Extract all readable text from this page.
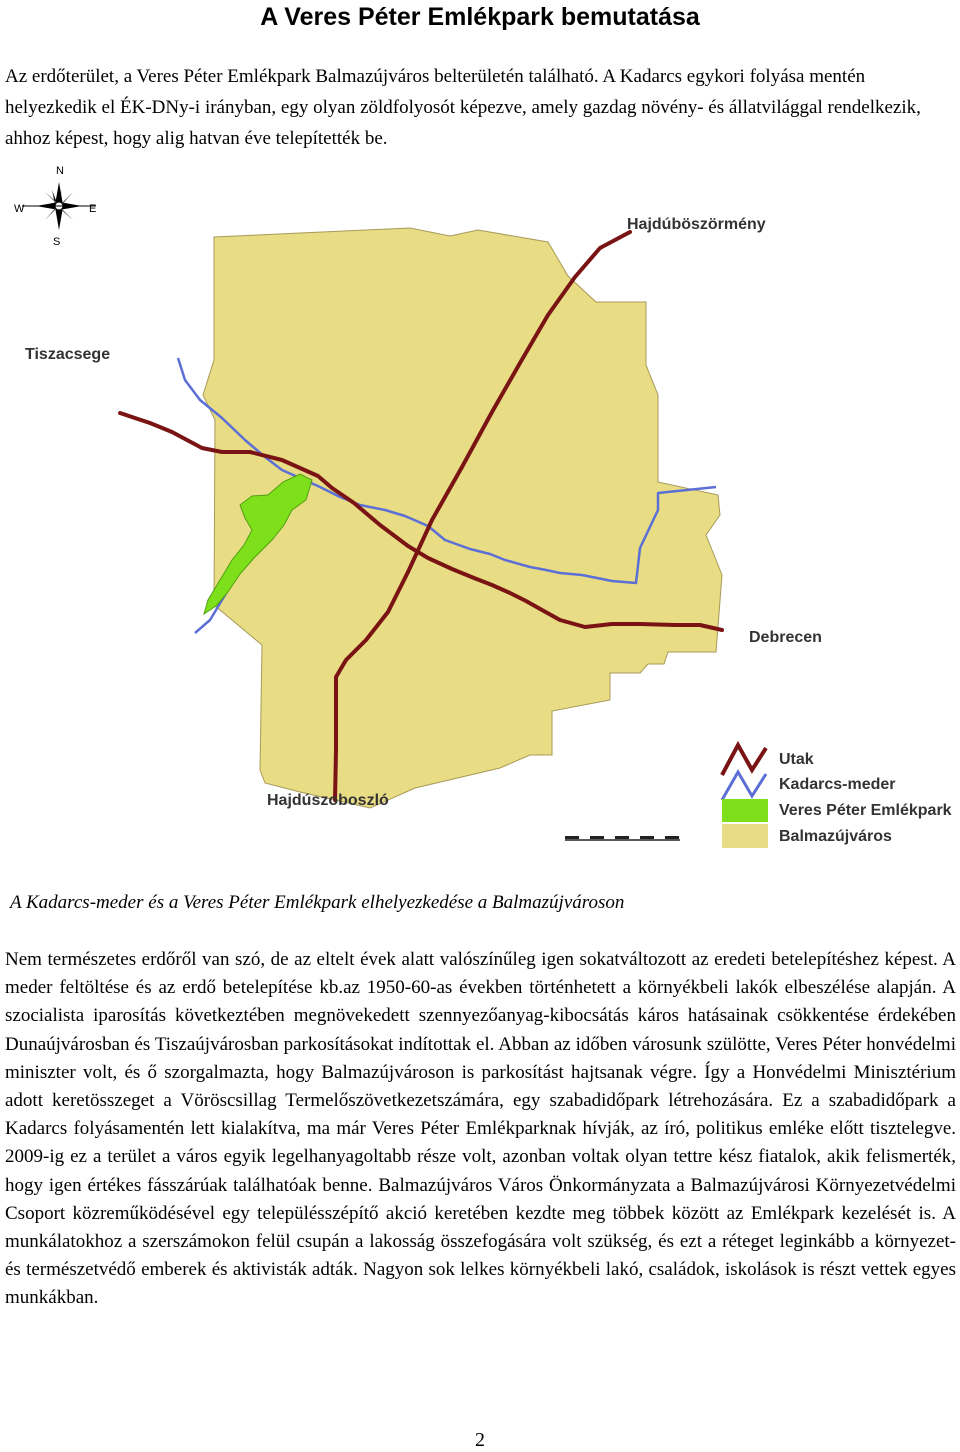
A Veres Péter Emlékpark bemutatása

Az erdőterület, a Veres Péter Emlékpark Balmazújváros belterületén található. A Kadarcs egykori folyása mentén helyezkedik el ÉK-DNy-i irányban, egy olyan zöldfolyosót képezve, amely gazdag növény- és állatvilággal rendelkezik, ahhoz képest, hogy alig hatvan éve telepítették be.

N
S
W	E
Hajdúböszörmény
Tiszacsege
Debrecen
Hajdúszoboszló
Utak
Kadarcs-meder
Veres Péter Emlékpark
Balmazújváros

A Kadarcs-meder és a Veres Péter Emlékpark elhelyezkedése a Balmazújvároson

Nem természetes erdőről van szó, de az eltelt évek alatt valószínűleg igen sokatváltozott az eredeti betelepítéshez képest. A meder feltöltése és az erdő betelepítése kb.az 1950-60-as években történhetett a környékbeli lakók elbeszélése alapján. A szocialista iparosítás következtében megnövekedett szennyezőanyag-kibocsátás káros hatásainak csökkentése érdekében Dunaújvárosban és Tiszaújvárosban parkosításokat indítottak el. Abban az időben városunk szülötte, Veres Péter honvédelmi miniszter volt, és ő szorgalmazta, hogy Balmazújvároson is parkosítást hajtsanak végre. Így a Honvédelmi Minisztérium adott keretösszeget a Vöröscsillag Termelőszövetkezetszámára, egy szabadidőpark létrehozására. Ez a szabadidőpark a Kadarcs folyásamentén lett kialakítva, ma már Veres Péter Emlékparknak hívják, az író, politikus emléke előtt tisztelegve. 2009-ig ez a terület a város egyik legelhanyagoltabb része volt, azonban voltak olyan tettre kész fiatalok, akik felismerték, hogy igen értékes fásszárúak találhatóak benne. Balmazújváros Város Önkormányzata a Balmazújvárosi Környezetvédelmi Csoport közreműködésével egy településszépítő akció keretében kezdte meg többek között az Emlékpark kezelését is. A munkálatokhoz a szerszámokon felül csupán a lakosság összefogására volt szükség, és ezt a réteget leginkább a környezet- és természetvédő emberek és aktivisták adták. Nagyon sok lelkes környékbeli lakó, családok, iskolások is részt vettek egyes munkákban.

2
